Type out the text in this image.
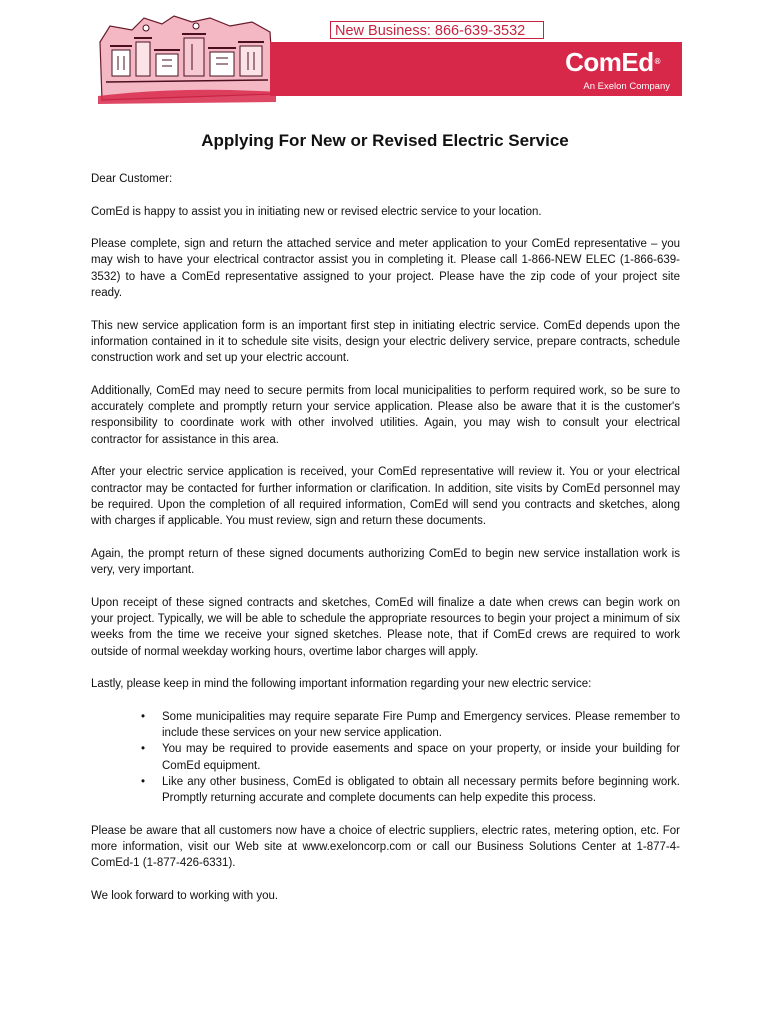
New Business: 866-639-3532
ComEd®
An Exelon Company
Applying For New or Revised Electric Service

Dear Customer:

ComEd is happy to assist you in initiating new or revised electric service to your location.

Please complete, sign and return the attached service and meter application to your ComEd representative – you may wish to have your electrical contractor assist you in completing it. Please call 1-866-NEW ELEC (1-866-639-3532) to have a ComEd representative assigned to your project. Please have the zip code of your project site ready.

This new service application form is an important first step in initiating electric service. ComEd depends upon the information contained in it to schedule site visits, design your electric delivery service, prepare contracts, schedule construction work and set up your electric account.

Additionally, ComEd may need to secure permits from local municipalities to perform required work, so be sure to accurately complete and promptly return your service application. Please also be aware that it is the customer's responsibility to coordinate work with other involved utilities. Again, you may wish to consult your electrical contractor for assistance in this area.

After your electric service application is received, your ComEd representative will review it. You or your electrical contractor may be contacted for further information or clarification. In addition, site visits by ComEd personnel may be required. Upon the completion of all required information, ComEd will send you contracts and sketches, along with charges if applicable. You must review, sign and return these documents.

Again, the prompt return of these signed documents authorizing ComEd to begin new service installation work is very, very important.

Upon receipt of these signed contracts and sketches, ComEd will finalize a date when crews can begin work on your project. Typically, we will be able to schedule the appropriate resources to begin your project a minimum of six weeks from the time we receive your signed sketches. Please note, that if ComEd crews are required to work outside of normal weekday working hours, overtime labor charges will apply.

Lastly, please keep in mind the following important information regarding your new electric service:

• Some municipalities may require separate Fire Pump and Emergency services. Please remember to include these services on your new service application.
• You may be required to provide easements and space on your property, or inside your building for ComEd equipment.
• Like any other business, ComEd is obligated to obtain all necessary permits before beginning work. Promptly returning accurate and complete documents can help expedite this process.

Please be aware that all customers now have a choice of electric suppliers, electric rates, metering option, etc. For more information, visit our Web site at www.exeloncorp.com or call our Business Solutions Center at 1-877-4-ComEd-1 (1-877-426-6331).

We look forward to working with you.
